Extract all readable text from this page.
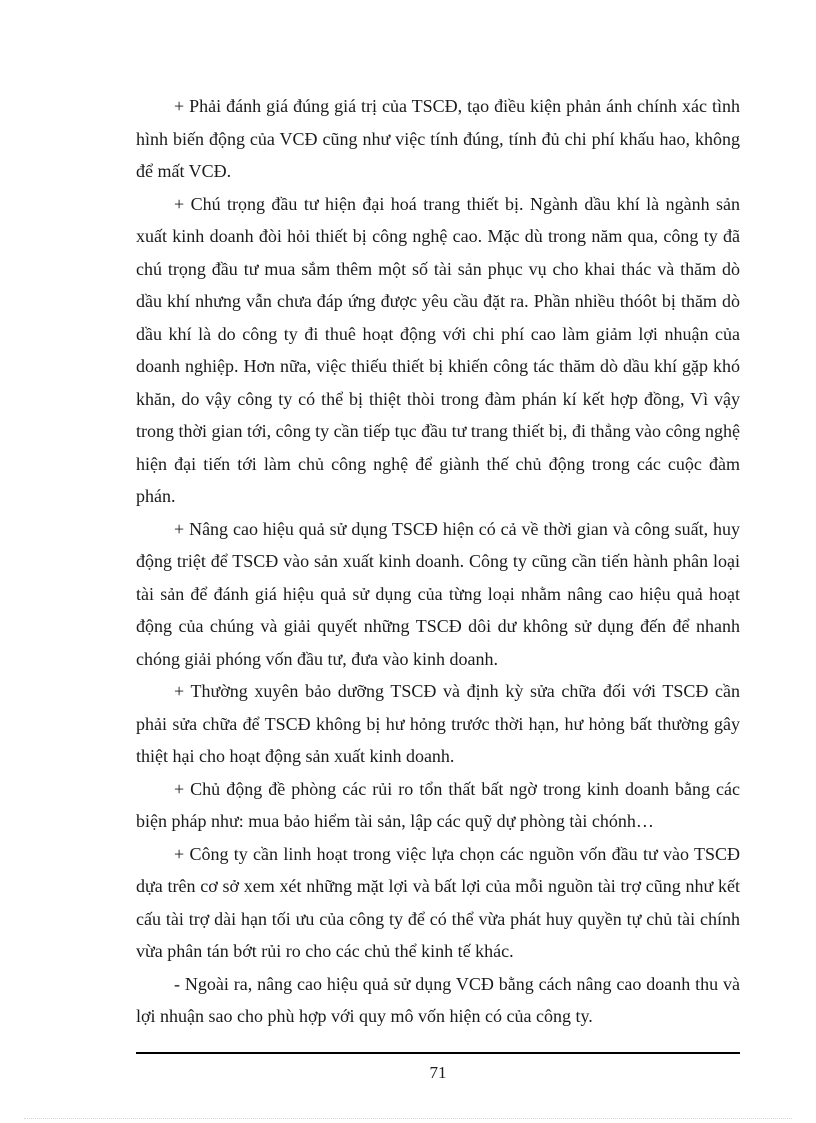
+ Phải đánh giá đúng giá trị của TSCĐ, tạo điều kiện phản ánh chính xác tình hình biến động của VCĐ cũng như việc tính đúng, tính đủ chi phí khấu hao, không để mất VCĐ.

+ Chú trọng đầu tư hiện đại hoá trang thiết bị. Ngành dầu khí là ngành sản xuất kinh doanh đòi hỏi thiết bị công nghệ cao. Mặc dù trong năm qua, công ty đã chú trọng đầu tư mua sắm thêm một số tài sản phục vụ cho khai thác và thăm dò dầu khí nhưng vẫn chưa đáp ứng được yêu cầu đặt ra. Phần nhiều thóôt bị thăm dò dầu khí là do công ty đi thuê hoạt động với chi phí cao làm giảm lợi nhuận của doanh nghiệp. Hơn nữa, việc thiếu thiết bị khiến công tác thăm dò dầu khí gặp khó khăn, do vậy công ty có thể bị thiệt thòi trong đàm phán kí kết hợp đồng, Vì vậy trong thời gian tới, công ty cần tiếp tục đầu tư trang thiết bị, đi thẳng vào công nghệ hiện đại tiến tới làm chủ công nghệ để giành thế chủ động trong các cuộc đàm phán.

+ Nâng cao hiệu quả sử dụng TSCĐ hiện có cả về thời gian và công suất, huy động triệt để TSCĐ vào sản xuất kinh doanh. Công ty cũng cần tiến hành phân loại tài sản để đánh giá hiệu quả sử dụng của từng loại nhằm nâng cao hiệu quả hoạt động của chúng và giải quyết những TSCĐ dôi dư không sử dụng đến để nhanh chóng giải phóng vốn đầu tư, đưa vào kinh doanh.

+ Thường xuyên bảo dưỡng TSCĐ và định kỳ sửa chữa đối với TSCĐ cần phải sửa chữa để TSCĐ không bị hư hỏng trước thời hạn, hư hỏng bất thường gây thiệt hại cho hoạt động sản xuất kinh doanh.

+ Chủ động đề phòng các rủi ro tổn thất bất ngờ trong kinh doanh bằng các biện pháp như: mua bảo hiểm tài sản, lập các quỹ dự phòng tài chónh…

+ Công ty cần linh hoạt trong việc lựa chọn các nguồn vốn đầu tư vào TSCĐ dựa trên cơ sở xem xét những mặt lợi và bất lợi của mỗi nguồn tài trợ cũng như kết cấu tài trợ dài hạn tối ưu của công ty để có thể vừa phát huy quyền tự chủ tài chính vừa phân tán bớt rủi ro cho các chủ thể kinh tế khác.

- Ngoài ra, nâng cao hiệu quả sử dụng VCĐ bằng cách nâng cao doanh thu và lợi nhuận sao cho phù hợp với quy mô vốn hiện có của công ty.

71
